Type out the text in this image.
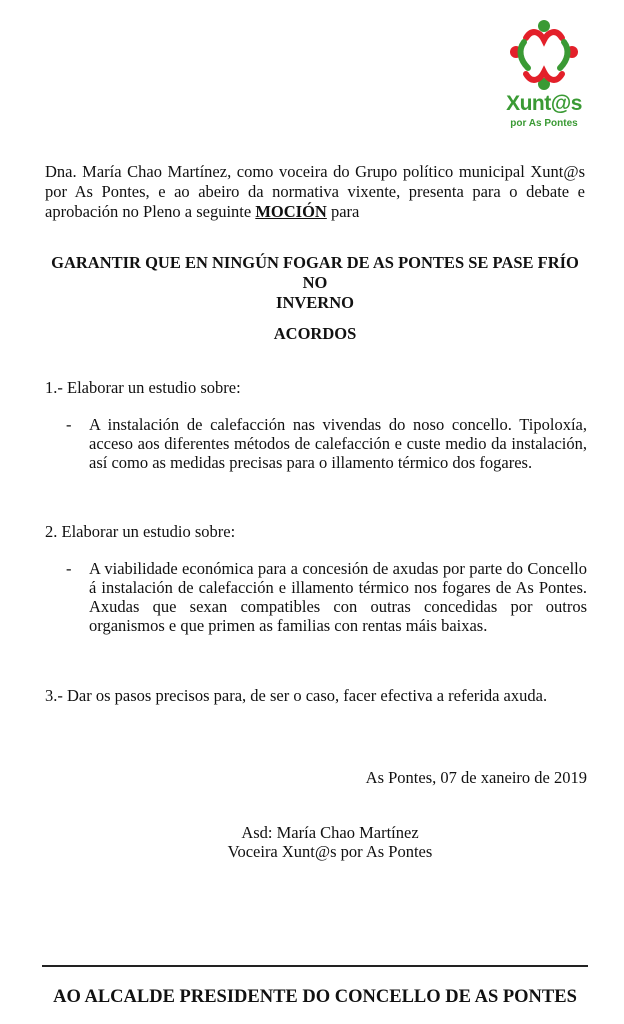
Xunt@s
por As Pontes
Dna. María Chao Martínez, como voceira do Grupo político municipal Xunt@s por As Pontes, e ao abeiro da normativa vixente, presenta para o debate e aprobación no Pleno a seguinte MOCIÓN para
GARANTIR QUE EN NINGÚN FOGAR DE AS PONTES SE PASE FRÍO NO
INVERNO
ACORDOS
1.- Elaborar un estudio sobre:
- A instalación de calefacción nas vivendas do noso concello. Tipoloxía, acceso aos diferentes métodos de calefacción e custe medio da instalación, así como as medidas precisas para o illamento térmico dos fogares.
2. Elaborar un estudio sobre:
- A viabilidade económica para a concesión de axudas por parte do Concello á instalación de calefacción e illamento térmico nos fogares de As Pontes. Axudas que sexan compatibles con outras concedidas por outros organismos e que primen as familias con rentas máis baixas.
3.- Dar os pasos precisos para, de ser o caso, facer efectiva a referida axuda.
As Pontes, 07 de xaneiro de 2019
Asd: María Chao Martínez
Voceira Xunt@s por As Pontes
AO ALCALDE PRESIDENTE DO CONCELLO DE AS PONTES
